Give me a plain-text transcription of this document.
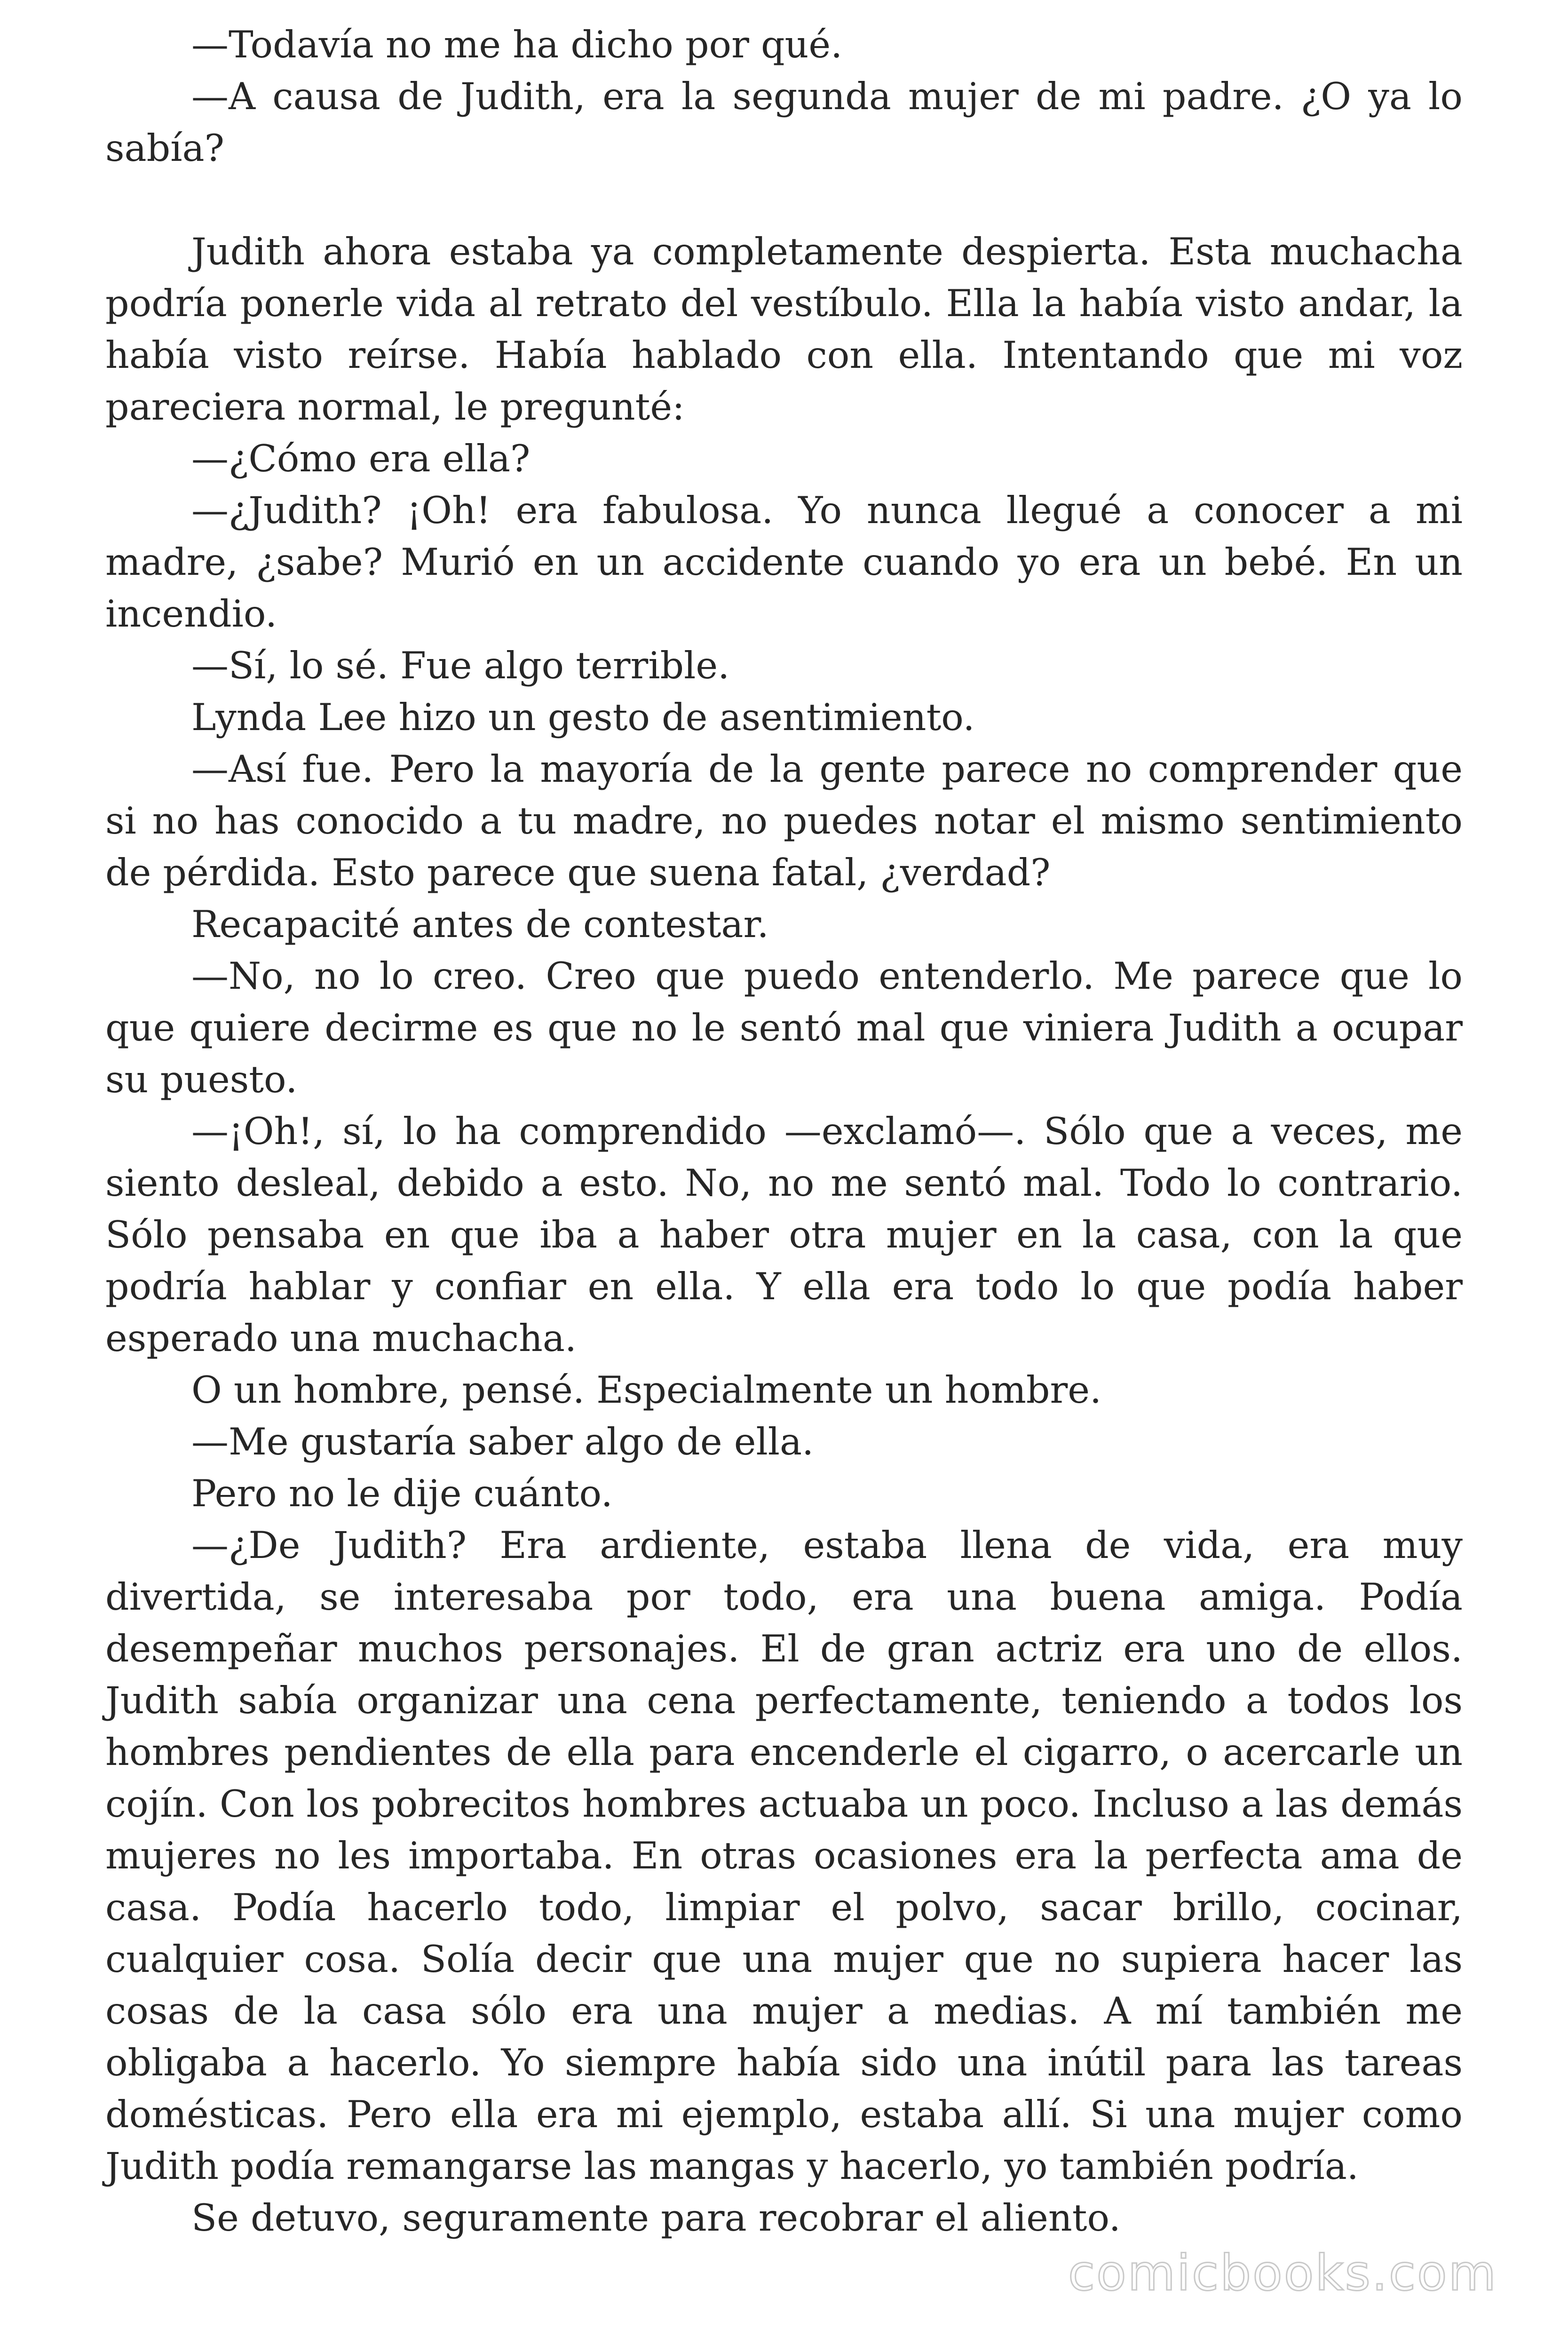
—Todavía no me ha dicho por qué.

—A causa de Judith, era la segunda mujer de mi padre. ¿O ya lo sabía?

Judith ahora estaba ya completamente despierta. Esta muchacha podría ponerle vida al retrato del vestíbulo. Ella la había visto andar, la había visto reírse. Había hablado con ella. Intentando que mi voz pareciera normal, le pregunté:

—¿Cómo era ella?

—¿Judith? ¡Oh! era fabulosa. Yo nunca llegué a conocer a mi madre, ¿sabe? Murió en un accidente cuando yo era un bebé. En un incendio.

—Sí, lo sé. Fue algo terrible.

Lynda Lee hizo un gesto de asentimiento.

—Así fue. Pero la mayoría de la gente parece no comprender que si no has conocido a tu madre, no puedes notar el mismo sentimiento de pérdida. Esto parece que suena fatal, ¿verdad?

Recapacité antes de contestar.

—No, no lo creo. Creo que puedo entenderlo. Me parece que lo que quiere decirme es que no le sentó mal que viniera Judith a ocupar su puesto.

—¡Oh!, sí, lo ha comprendido —exclamó—. Sólo que a veces, me siento desleal, debido a esto. No, no me sentó mal. Todo lo contrario. Sólo pensaba en que iba a haber otra mujer en la casa, con la que podría hablar y confiar en ella. Y ella era todo lo que podía haber esperado una muchacha.

O un hombre, pensé. Especialmente un hombre.

—Me gustaría saber algo de ella.

Pero no le dije cuánto.

—¿De Judith? Era ardiente, estaba llena de vida, era muy divertida, se interesaba por todo, era una buena amiga. Podía desempeñar muchos personajes. El de gran actriz era uno de ellos. Judith sabía organizar una cena perfectamente, teniendo a todos los hombres pendientes de ella para encenderle el cigarro, o acercarle un cojín. Con los pobrecitos hombres actuaba un poco. Incluso a las demás mujeres no les importaba. En otras ocasiones era la perfecta ama de casa. Podía hacerlo todo, limpiar el polvo, sacar brillo, cocinar, cualquier cosa. Solía decir que una mujer que no supiera hacer las cosas de la casa sólo era una mujer a medias. A mí también me obligaba a hacerlo. Yo siempre había sido una inútil para las tareas domésticas. Pero ella era mi ejemplo, estaba allí. Si una mujer como Judith podía remangarse las mangas y hacerlo, yo también podría.

Se detuvo, seguramente para recobrar el aliento.

comicbooks.com
